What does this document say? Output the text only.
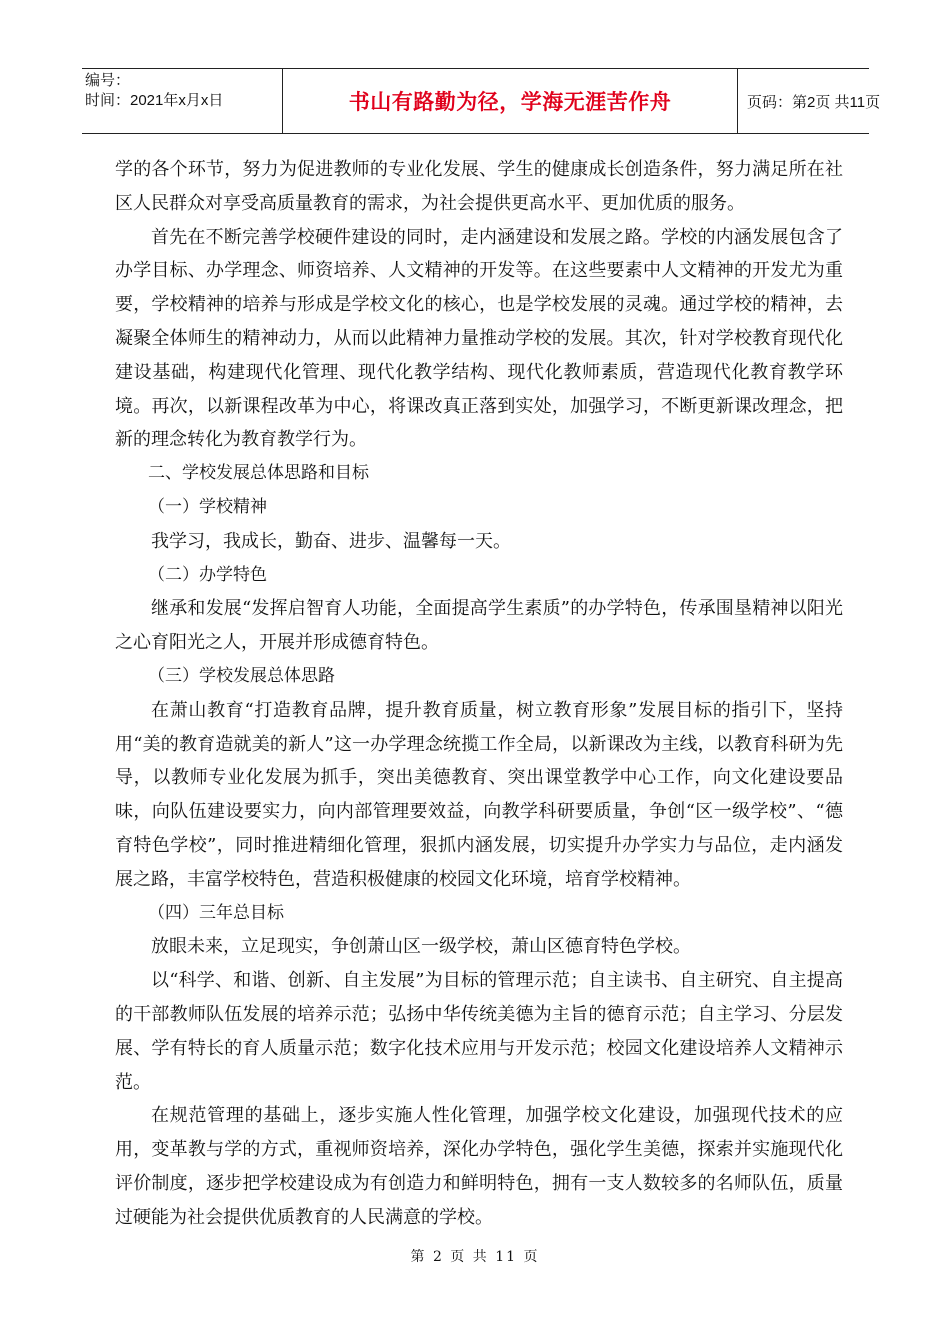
编号：
时间：2021年x月x日	书山有路勤为径，学海无涯苦作舟	页码：第2页 共11页

学的各个环节，努力为促进教师的专业化发展、学生的健康成长创造条件，努力满足所在社区人民群众对享受高质量教育的需求，为社会提供更高水平、更加优质的服务。

首先在不断完善学校硬件建设的同时，走内涵建设和发展之路。学校的内涵发展包含了办学目标、办学理念、师资培养、人文精神的开发等。在这些要素中人文精神的开发尤为重要，学校精神的培养与形成是学校文化的核心，也是学校发展的灵魂。通过学校的精神，去凝聚全体师生的精神动力，从而以此精神力量推动学校的发展。其次，针对学校教育现代化建设基础，构建现代化管理、现代化教学结构、现代化教师素质，营造现代化教育教学环境。再次，以新课程改革为中心，将课改真正落到实处，加强学习，不断更新课改理念，把新的理念转化为教育教学行为。

二、学校发展总体思路和目标

（一）学校精神

我学习，我成长，勤奋、进步、温馨每一天。

（二）办学特色

继承和发展“发挥启智育人功能，全面提高学生素质”的办学特色，传承围垦精神以阳光之心育阳光之人，开展并形成德育特色。

（三）学校发展总体思路

在萧山教育“打造教育品牌，提升教育质量，树立教育形象”发展目标的指引下，坚持用“美的教育造就美的新人”这一办学理念统揽工作全局，以新课改为主线，以教育科研为先导，以教师专业化发展为抓手，突出美德教育、突出课堂教学中心工作，向文化建设要品味，向队伍建设要实力，向内部管理要效益，向教学科研要质量，争创“区一级学校”、“德育特色学校”，同时推进精细化管理，狠抓内涵发展，切实提升办学实力与品位，走内涵发展之路，丰富学校特色，营造积极健康的校园文化环境，培育学校精神。

（四）三年总目标

放眼未来，立足现实，争创萧山区一级学校，萧山区德育特色学校。

以“科学、和谐、创新、自主发展”为目标的管理示范；自主读书、自主研究、自主提高的干部教师队伍发展的培养示范；弘扬中华传统美德为主旨的德育示范；自主学习、分层发展、学有特长的育人质量示范；数字化技术应用与开发示范；校园文化建设培养人文精神示范。

在规范管理的基础上，逐步实施人性化管理，加强学校文化建设，加强现代技术的应用，变革教与学的方式，重视师资培养，深化办学特色，强化学生美德，探索并实施现代化评价制度，逐步把学校建设成为有创造力和鲜明特色，拥有一支人数较多的名师队伍，质量过硬能为社会提供优质教育的人民满意的学校。

第 2 页 共 11 页
